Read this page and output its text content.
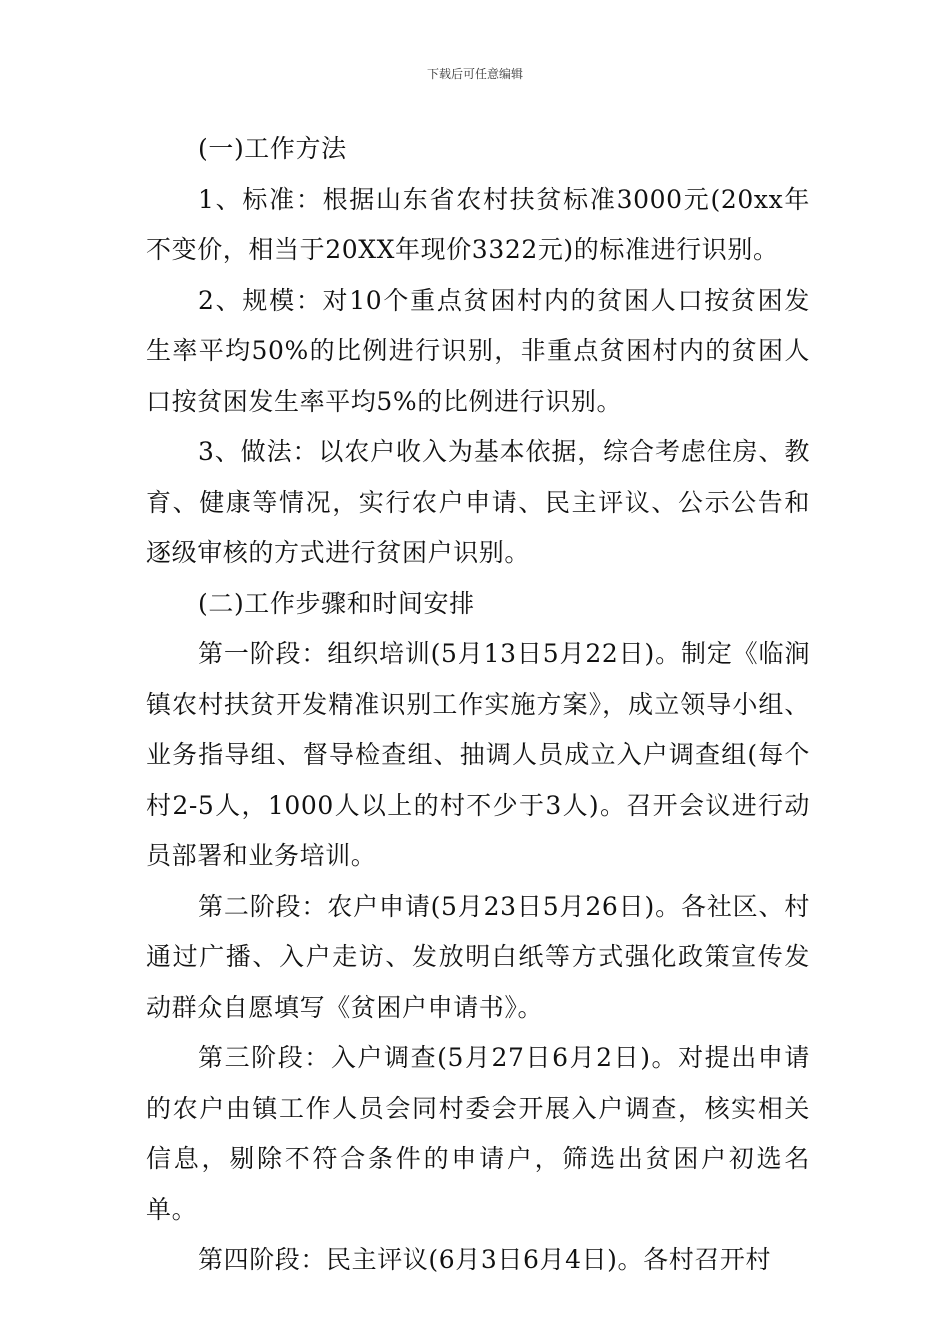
下载后可任意编辑

(一)工作方法

1、标准：根据山东省农村扶贫标准3000元(20xx年不变价，相当于20XX年现价3322元)的标准进行识别。

2、规模：对10个重点贫困村内的贫困人口按贫困发生率平均50%的比例进行识别，非重点贫困村内的贫困人口按贫困发生率平均5%的比例进行识别。

3、做法：以农户收入为基本依据，综合考虑住房、教育、健康等情况，实行农户申请、民主评议、公示公告和逐级审核的方式进行贫困户识别。

(二)工作步骤和时间安排

第一阶段：组织培训(5月13日5月22日)。制定《临涧镇农村扶贫开发精准识别工作实施方案》，成立领导小组、业务指导组、督导检查组、抽调人员成立入户调查组(每个村2-5人，1000人以上的村不少于3人)。召开会议进行动员部署和业务培训。

第二阶段：农户申请(5月23日5月26日)。各社区、村通过广播、入户走访、发放明白纸等方式强化政策宣传发动群众自愿填写《贫困户申请书》。

第三阶段：入户调查(5月27日6月2日)。对提出申请的农户由镇工作人员会同村委会开展入户调查，核实相关信息，剔除不符合条件的申请户，筛选出贫困户初选名单。

第四阶段：民主评议(6月3日6月4日)。各村召开村
